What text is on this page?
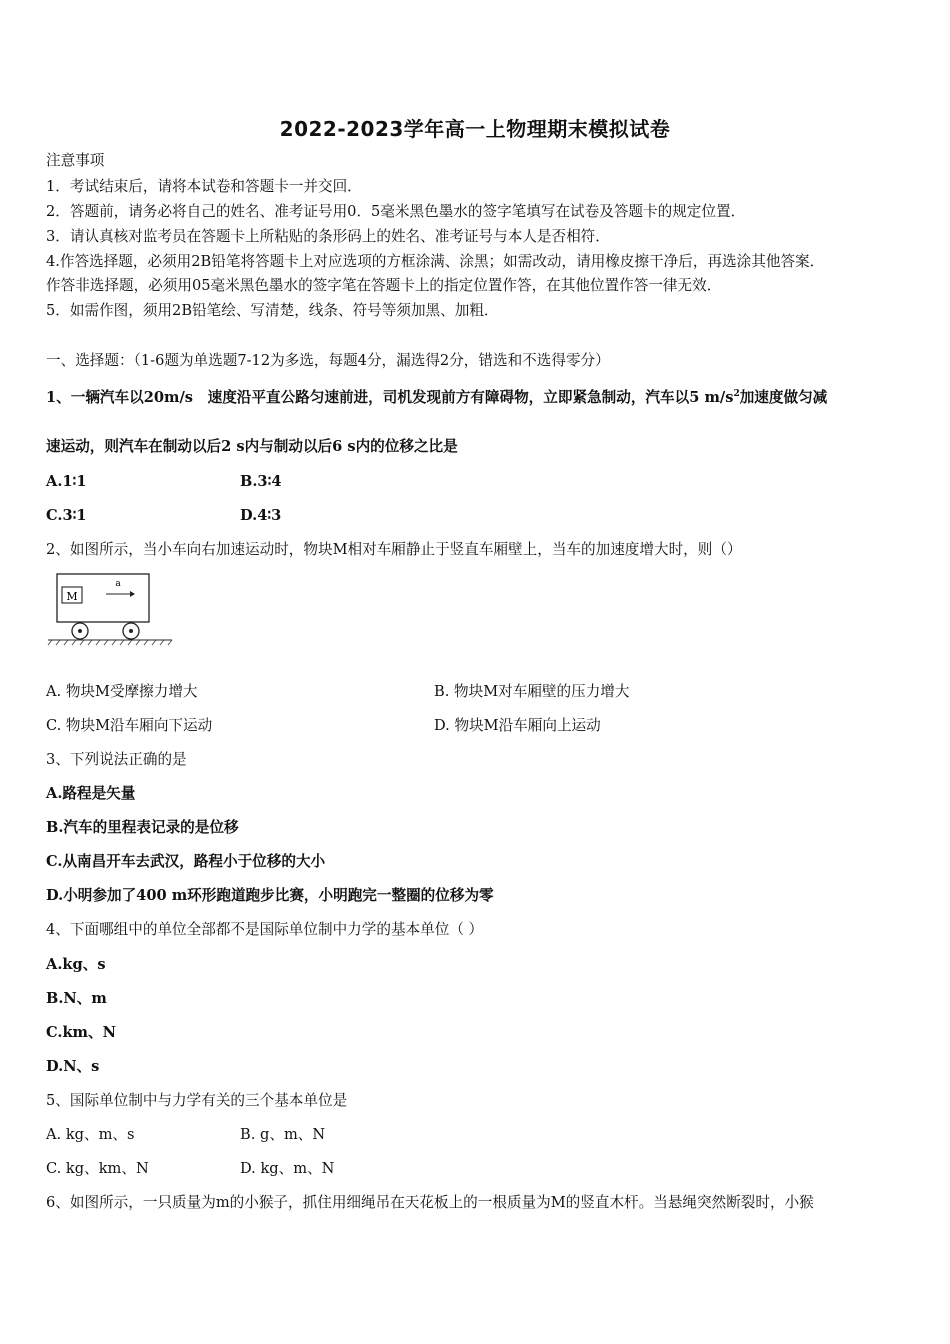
2022-2023学年高一上物理期末模拟试卷
注意事项
1．考试结束后，请将本试卷和答题卡一并交回．
2．答题前，请务必将自己的姓名、准考证号用0．5毫米黑色墨水的签字笔填写在试卷及答题卡的规定位置．
3．请认真核对监考员在答题卡上所粘贴的条形码上的姓名、准考证号与本人是否相符．
4.作答选择题，必须用2B铅笔将答题卡上对应选项的方框涂满、涂黑；如需改动，请用橡皮擦干净后，再选涂其他答案．
作答非选择题，必须用05毫米黑色墨水的签字笔在答题卡上的指定位置作答，在其他位置作答一律无效．
5．如需作图，须用2B铅笔绘、写清楚，线条、符号等须加黑、加粗．
一、选择题：（1-6题为单选题7-12为多选，每题4分，漏选得2分，错选和不选得零分）
1、一辆汽车以20m/s　速度沿平直公路匀速前进，司机发现前方有障碍物，立即紧急制动，汽车以5 $m/s^2$加速度做匀减
速运动，则汽车在制动以后2 s内与制动以后6 s内的位移之比是
A.1∶1	B.3∶4
C.3∶1	D.4∶3
2、如图所示，当小车向右加速运动时，物块M相对车厢静止于竖直车厢壁上，当车的加速度增大时，则（）
M
a
A. 物块M受摩擦力增大	B. 物块M对车厢壁的压力增大
C. 物块M沿车厢向下运动	D. 物块M沿车厢向上运动
3、下列说法正确的是
A.路程是矢量
B.汽车的里程表记录的是位移
C.从南昌开车去武汉，路程小于位移的大小
D.小明参加了400 m环形跑道跑步比赛，小明跑完一整圈的位移为零
4、下面哪组中的单位全部都不是国际单位制中力学的基本单位（ ）
A.kg、s
B.N、m
C.km、N
D.N、s
5、国际单位制中与力学有关的三个基本单位是
A. kg、m、s	B. g、m、N
C. kg、km、N	D. kg、m、N
6、如图所示，一只质量为m的小猴子，抓住用细绳吊在天花板上的一根质量为M的竖直木杆。当悬绳突然断裂时，小猴
